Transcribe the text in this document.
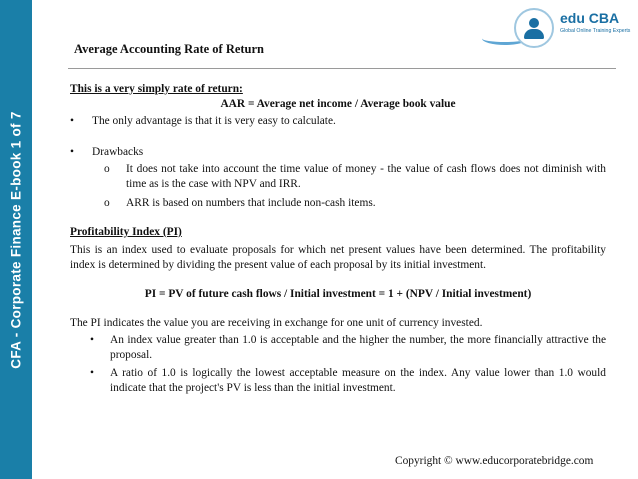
CFA - Corporate Finance E-book 1 of 7
edu CBA
Global Online Training Experts
Average Accounting Rate of Return

This is a very simply rate of return:

AAR = Average net income / Average book value

•	The only advantage is that it is very easy to calculate.
•	Drawbacks
o	It does not take into account the time value of money - the value of cash flows does not diminish with time as is the case with NPV and IRR.
o	ARR is based on numbers that include non-cash items.

Profitability Index (PI)

This is an index used to evaluate proposals for which net present values have been determined. The profitability index is determined by dividing the present value of each proposal by its initial investment.

PI = PV of future cash flows / Initial investment = 1 + (NPV / Initial investment)

The PI indicates the value you are receiving in exchange for one unit of currency invested.

•	An index value greater than 1.0 is acceptable and the higher the number, the more financially attractive the proposal.
•	A ratio of 1.0 is logically the lowest acceptable measure on the index. Any value lower than 1.0 would indicate that the project's PV is less than the initial investment.
Copyright © www.educorporatebridge.com
